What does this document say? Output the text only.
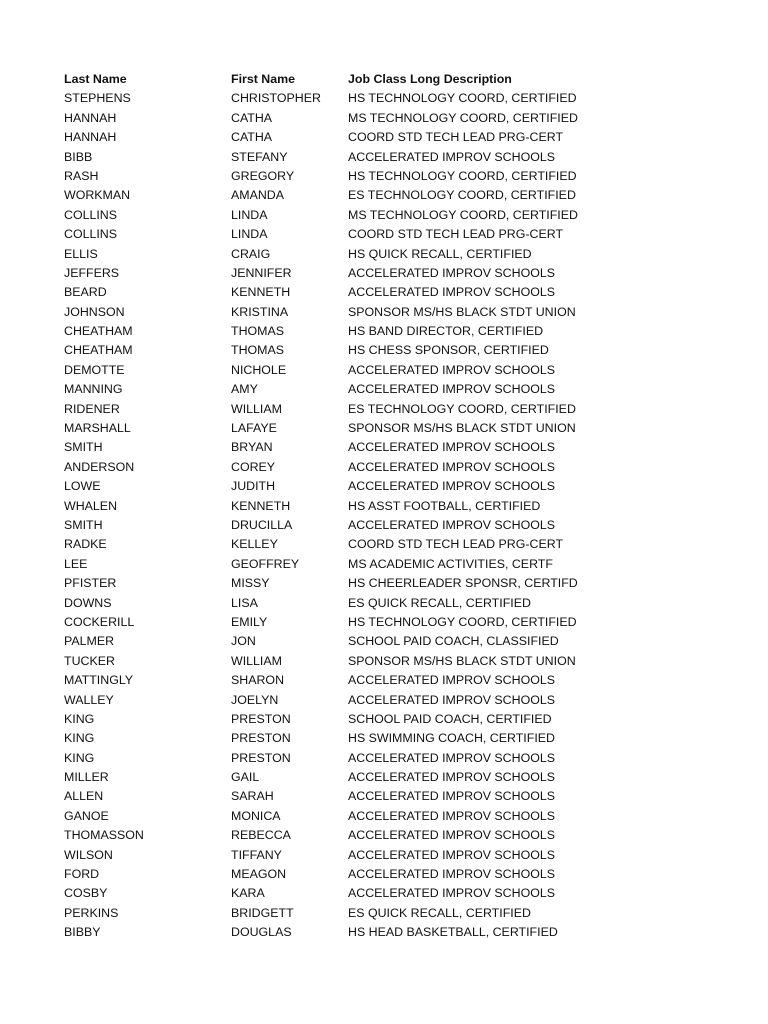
Last Name	First Name	Job Class Long Description
STEPHENS	CHRISTOPHER	HS TECHNOLOGY COORD, CERTIFIED
HANNAH	CATHA	MS TECHNOLOGY COORD, CERTIFIED
HANNAH	CATHA	COORD STD TECH LEAD PRG-CERT
BIBB	STEFANY	ACCELERATED IMPROV SCHOOLS
RASH	GREGORY	HS TECHNOLOGY COORD, CERTIFIED
WORKMAN	AMANDA	ES TECHNOLOGY COORD, CERTIFIED
COLLINS	LINDA	MS TECHNOLOGY COORD, CERTIFIED
COLLINS	LINDA	COORD STD TECH LEAD PRG-CERT
ELLIS	CRAIG	HS QUICK RECALL, CERTIFIED
JEFFERS	JENNIFER	ACCELERATED IMPROV SCHOOLS
BEARD	KENNETH	ACCELERATED IMPROV SCHOOLS
JOHNSON	KRISTINA	SPONSOR MS/HS BLACK STDT UNION
CHEATHAM	THOMAS	HS BAND DIRECTOR, CERTIFIED
CHEATHAM	THOMAS	HS CHESS SPONSOR, CERTIFIED
DEMOTTE	NICHOLE	ACCELERATED IMPROV SCHOOLS
MANNING	AMY	ACCELERATED IMPROV SCHOOLS
RIDENER	WILLIAM	ES TECHNOLOGY COORD, CERTIFIED
MARSHALL	LAFAYE	SPONSOR MS/HS BLACK STDT UNION
SMITH	BRYAN	ACCELERATED IMPROV SCHOOLS
ANDERSON	COREY	ACCELERATED IMPROV SCHOOLS
LOWE	JUDITH	ACCELERATED IMPROV SCHOOLS
WHALEN	KENNETH	HS ASST FOOTBALL, CERTIFIED
SMITH	DRUCILLA	ACCELERATED IMPROV SCHOOLS
RADKE	KELLEY	COORD STD TECH LEAD PRG-CERT
LEE	GEOFFREY	MS ACADEMIC ACTIVITIES, CERTF
PFISTER	MISSY	HS CHEERLEADER SPONSR, CERTIFD
DOWNS	LISA	ES QUICK RECALL, CERTIFIED
COCKERILL	EMILY	HS TECHNOLOGY COORD, CERTIFIED
PALMER	JON	SCHOOL PAID COACH, CLASSIFIED
TUCKER	WILLIAM	SPONSOR MS/HS BLACK STDT UNION
MATTINGLY	SHARON	ACCELERATED IMPROV SCHOOLS
WALLEY	JOELYN	ACCELERATED IMPROV SCHOOLS
KING	PRESTON	SCHOOL PAID COACH, CERTIFIED
KING	PRESTON	HS SWIMMING COACH, CERTIFIED
KING	PRESTON	ACCELERATED IMPROV SCHOOLS
MILLER	GAIL	ACCELERATED IMPROV SCHOOLS
ALLEN	SARAH	ACCELERATED IMPROV SCHOOLS
GANOE	MONICA	ACCELERATED IMPROV SCHOOLS
THOMASSON	REBECCA	ACCELERATED IMPROV SCHOOLS
WILSON	TIFFANY	ACCELERATED IMPROV SCHOOLS
FORD	MEAGON	ACCELERATED IMPROV SCHOOLS
COSBY	KARA	ACCELERATED IMPROV SCHOOLS
PERKINS	BRIDGETT	ES QUICK RECALL, CERTIFIED
BIBBY	DOUGLAS	HS HEAD BASKETBALL, CERTIFIED
